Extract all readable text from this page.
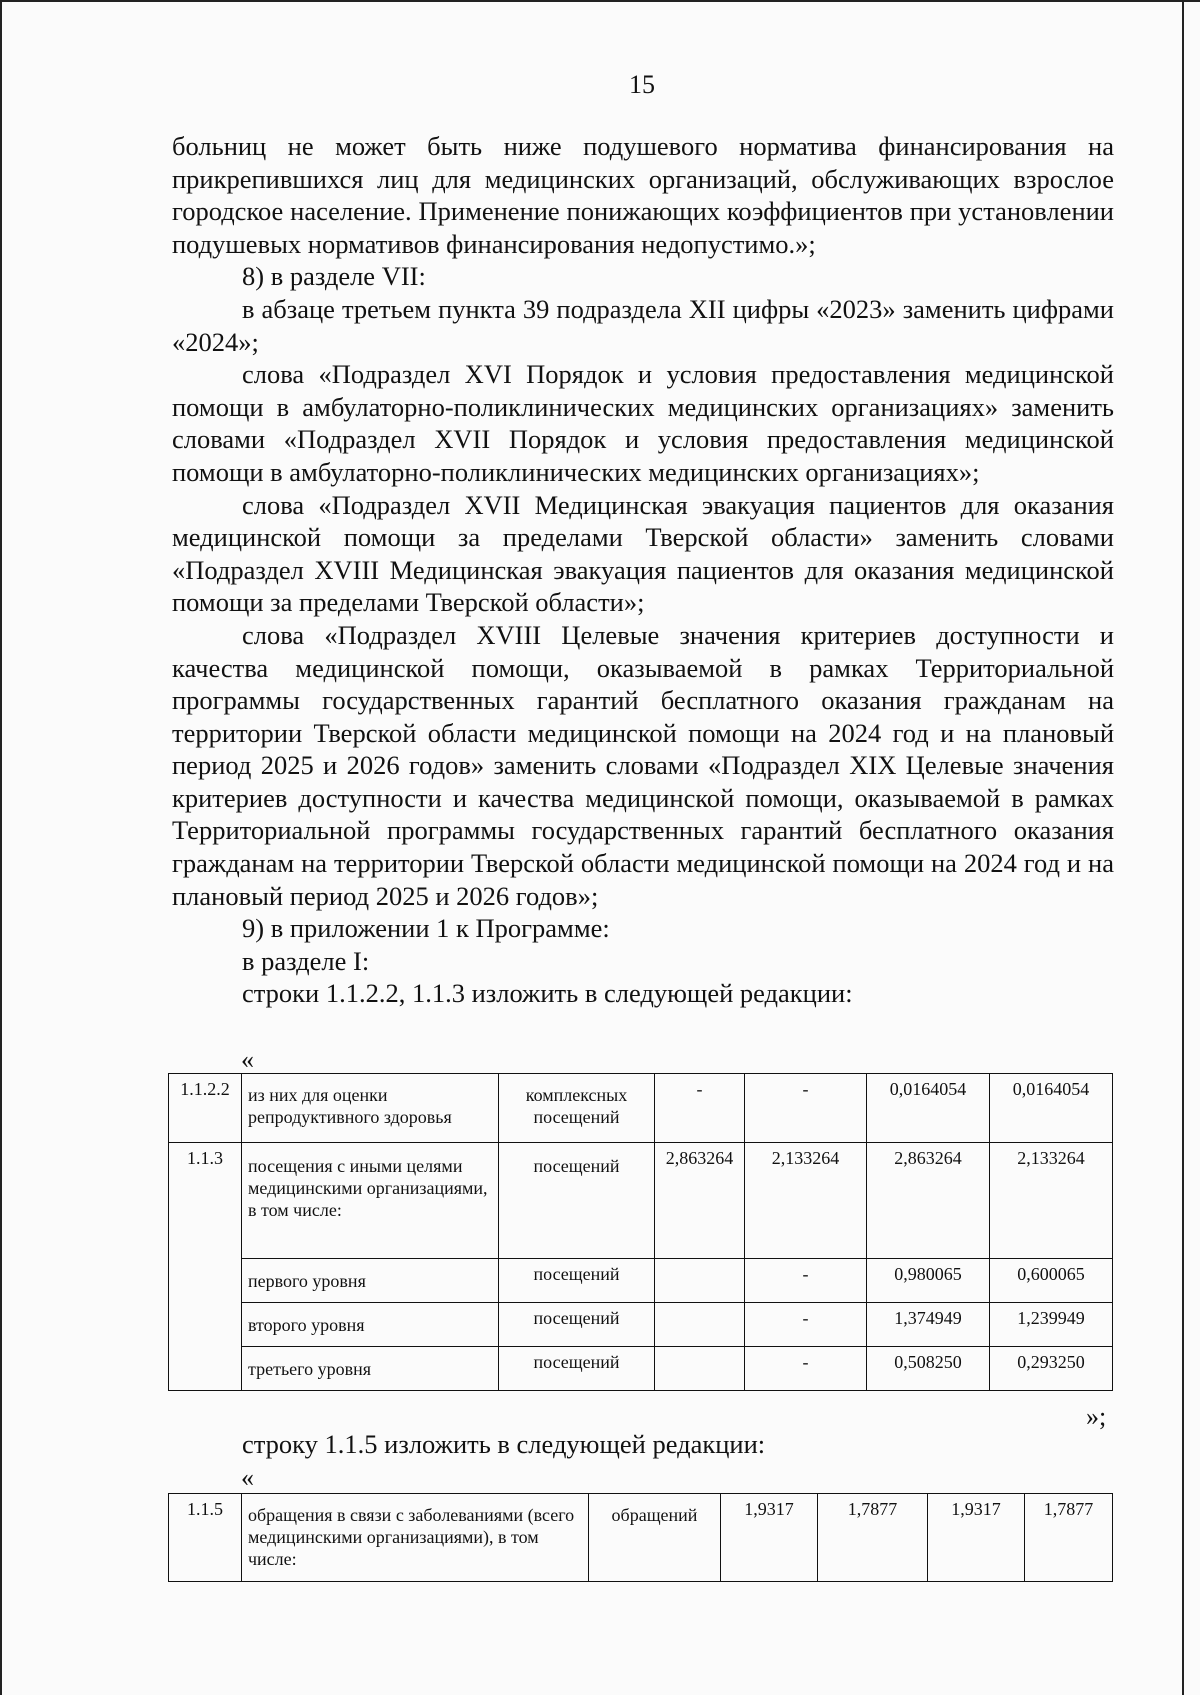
15

больниц не может быть ниже подушевого норматива финансирования на прикрепившихся лиц для медицинских организаций, обслуживающих взрослое городское население. Применение понижающих коэффициентов при установлении подушевых нормативов финансирования недопустимо.»;

8) в разделе VII:

в абзаце третьем пункта 39 подраздела XII цифры «2023» заменить цифрами «2024»;

слова «Подраздел XVI Порядок и условия предоставления медицинской помощи в амбулаторно-поликлинических медицинских организациях» заменить словами «Подраздел XVII Порядок и условия предоставления медицинской помощи в амбулаторно-поликлинических медицинских организациях»;

слова «Подраздел XVII Медицинская эвакуация пациентов для оказания медицинской помощи за пределами Тверской области» заменить словами «Подраздел XVIII Медицинская эвакуация пациентов для оказания медицинской помощи за пределами Тверской области»;

слова «Подраздел XVIII Целевые значения критериев доступности и качества медицинской помощи, оказываемой в рамках Территориальной программы государственных гарантий бесплатного оказания гражданам на территории Тверской области медицинской помощи на 2024 год и на плановый период 2025 и 2026 годов» заменить словами «Подраздел XIX Целевые значения критериев доступности и качества медицинской помощи, оказываемой в рамках Территориальной программы государственных гарантий бесплатного оказания гражданам на территории Тверской области медицинской помощи на 2024 год и на плановый период 2025 и 2026 годов»;

9) в приложении 1 к Программе:

в разделе I:

строки 1.1.2.2, 1.1.3 изложить в следующей редакции:

«
1.1.2.2	из них для оценки репродуктивного здоровья	комплексных посещений	-	-	0,0164054	0,0164054
1.1.3	посещения с иными целями медицинскими организациями, в том числе:	посещений	2,863264	2,133264	2,863264	2,133264
	первого уровня	посещений		-	0,980065	0,600065
	второго уровня	посещений		-	1,374949	1,239949
	третьего уровня	посещений		-	0,508250	0,293250
»;

строку 1.1.5 изложить в следующей редакции:

«
1.1.5	обращения в связи с заболеваниями (всего медицинскими организациями), в том числе:	обращений	1,9317	1,7877	1,9317	1,7877
